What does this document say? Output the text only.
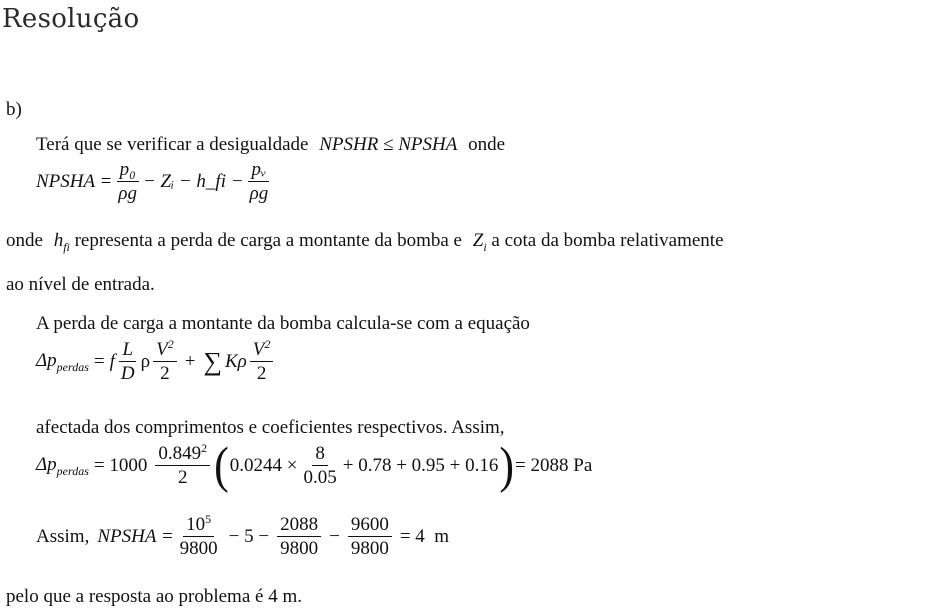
Resolução
b)
Terá que se verificar a desigualdade NPSHR ≤ NPSHA onde
NPSHA = $\frac{\text{p₀}}{\rho g}$ − Zᵢ − h_fi − $\frac{\text{pᵥ}}{\rho g}$
onde $h_{fi}$ representa a perda de carga a montante da bomba e $Z_i$ a cota da bomba relativamente
ao nível de entrada.
A perda de carga a montante da bomba calcula-se com a equação
$\Delta p_{perdas} = f \frac{L}{D}$ ρ $\frac{V^2}{2}$ + ∑ Kρ $\frac{V^2}{2}$
afectada dos comprimentos e coeficientes respectivos. Assim,
$\Delta p_{perdas} = 1000 \frac{0.849^2}{2}$ ( $0.0244 \times \frac{8}{0.05} + 0.78 + 0.95 + 0.16$ ) = 2088 Pa
Assim, NPSHA = $\frac{10^5}{9800} - 5 - \frac{2088}{9800} - \frac{9600}{9800} = 4$  m
pelo que a resposta ao problema é 4 m.
